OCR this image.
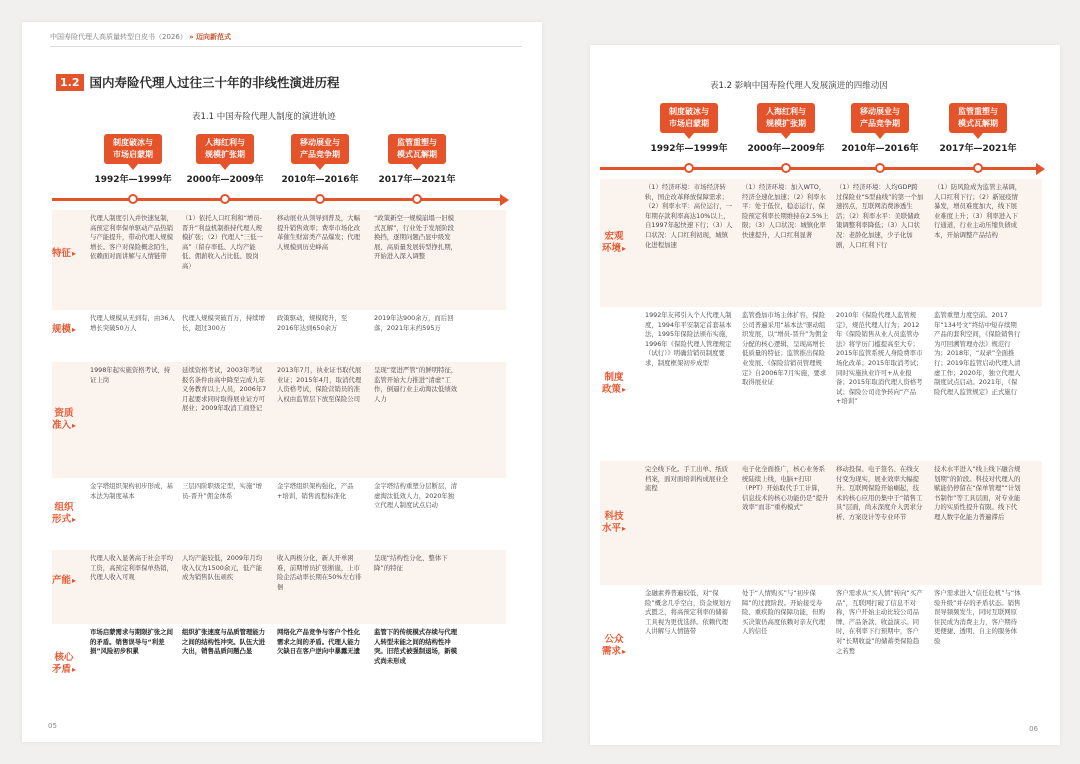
中国寿险代理人高质量转型白皮书（2026） » 迈向新范式
1.2 国内寿险代理人过往三十年的非线性演进历程
表1.1 中国寿险代理人制度的演进轨迹
制度破冰与
市场启蒙期
1992年—1999年
人海红利与
规模扩张期
2000年—2009年
移动展业与
产品竞争期
2010年—2016年
监管重塑与
模式瓦解期
2017年—2021年
特征 ▸
代理人制度引入并快速复制，高预定利率保单驱动产品热销与产能提升，带动代理人规模增长。客户对保险概念陌生，依赖面对面讲解与人情链带
（1）依托人口红利和“增员-晋升”利益机制推持代理人规模扩张；（2）代理人“三低一高”（留存率低、人均产能低、佣薪收入占比低、脱岗高）
移动展业从领导到普及，大幅提升销售效率；费率市场化改革催生财富类产品爆发；代理人规模到历史峰高
“政策新空一规模崩塌一旧模式瓦解”，行业处于发展阶段换挡，逐期问题凸显中级发展、高质量发展转型挣扎期，开始进入深入调整
规模 ▸
代理人规模从无到有，由36人增长突破50万人
代理人规模突破百万，持续增长，超过300万
政策驱动，规模爬升，至2016年达到650余万
2019年达900余万，而后回落，2021年末约595万
资质
准入 ▸
1998年起实施资格考试，持证上岗
延续资格考试，2003年考试报名条件由高中降至完成九年义务教育以上人员，2006年7月起要求同时取得展业证方可展业；2009年取消工商登记
2013年7月，执业证书取代展业证；2015年4月，取消代理人资格考试，保险营销员的准入权由监管层下放至保险公司
呈现“宽进严管”的鲜明特征，监管开始大力推进“清虚”工作，倒逼行业主动淘汰低绩效人力
组织
形式 ▸
金字塔组织架构初步形成，基本法为制度基本
三层四阶职级定型，实施“增员-晋升”佣金体系
金字塔组织架构强化，产品+培训，销售流程标准化
金字塔结构重塑分层断层，清虚淘汰低效人力，2020年独立代理人制度试点启动
产能 ▸
代理人收入显著高于社会平均工资，高预定利率保单热销，代理人收入可观
人均产能较低，2009年月均收入仅为1500余元，低产能成为销售队伍顽疾
收入两极分化，新人开单困难，前期增员扩张断崖，上市险企活动率长期在50%左右徘徊
呈现“结构性分化、整体下降”的特征
核心
矛盾 ▸
市场启蒙需求与期限扩张之间的矛盾。销售误导与“利差损”风险初步积累
组织扩张速度与品质管理能力之间的结构性冲突。队伍大进大出，销售品质问题凸显
网络化产品竞争与客户个性化需求之间的矛盾。代理人能力欠缺日在客户逆向中暴露无遗
监管下的传统模式存续与代理人转型未能之间的结构性冲突。旧范式被强制退场，新模式尚未形成
05
表1.2 影响中国寿险代理人发展演进的四维动因
制度破冰与
市场启蒙期
1992年—1999年
人海红利与
规模扩张期
2000年—2009年
移动展业与
产品竞争期
2010年—2016年
监管重塑与
模式瓦解期
2017年—2021年
宏观
环境 ▸
（1）经济环境：市场经济转轨，国企改革释放保障需求；（2）利率水平：高位运行，一年期存款利率高达10%以上，自1997年起快速下行；（3）人口状况：人口红利初现，城镇化进程加速
（1）经济环境：加入WTO，经济全速化加速；（2）利率水平：处于低位，稳态运行，保险预定利率长期维持在2.5%上限；（3）人口状况：城镇化率快速提升，人口红利显著
（1）经济环境：人均GDP跨过保险业“S型曲线”的第一个加速拐点，互联网消费渗透生活；（2）利率水平：美联储政策调整利率降低；（3）人口状况：老龄化加速，少子化加剧，人口红利下行
（1）防风险成为监管主基调，人口红利下行；（2）新冠疫情暴发，增员难度加大，线下展业难度上升；（3）利率进入下行通道，行业主动压缩负债成本，开始调整产品结构
制度
政策 ▸
1992年友邦引入个人代理人制度，1994年平安制定首套基本法，1995年保险法颁布实施，1996年《保险代理人管理规定（试行）》明确营销员制度要求，制度框架初步成型
监管叠加市场主体扩容，保险公司普遍采用“基本法”驱动组织发展，以“增员-晋升”为佣金分配的核心逻辑，呈现高增长低质量的特征；监管推出保险业发展、《保险营销员管理规定》自2006年7月实施，要求取得展业证
2010年《保险代理人监管规定》，规范代理人行为；2012年《保险销售从业人员监管办法》将学历门槛提高至大专；2015年监管系统人身险费率市场化改革；2015年取消考试；同时实施执业许可+从业报备；2015年取消代理人资格考试；保险公司竞争转向“产品+培训”
监管重塑力度空前。2017年“134号文”终结中短存续期产品的套利空间，《保险销售行为可回溯管理办法》规范行为；2018年，“双录”全面推行；2019年监管启动代理人清虚工作；2020年，独立代理人制度试点启动。2021年，《保险代理人监管规定》正式施行
科技
水平 ▸
完全线下化。手工出单、纸质档案，面对面培训构成展业全流程
电子化全面推广，核心业务系统陆续上线，电脑+打印（PPT）开始取代手工计算，信息技术的核心功能仍是“提升效率”而非“重构模式”
移动投保、电子签名、在线支付变为现实，展业效率大幅提升。互联网保险开始崛起，技术的核心应用仍集中于“销售工具”层面，尚未深度介入需求分析、方案设计等专业环节
技术水平进入“线上线下融合规划期”的阶段。科技对代理人的赋能仍停留在“保单管理”“计划书制作”等工具层面，对专业能力的实质性提升有限。线下代理人数字化能力普遍滞后
公众
需求 ▸
金融素养普遍较低，对“保险”概念几乎空白，资金规划方式匮乏，将高预定利率的储蓄工具视为更优选择。依赖代理人讲解与人情链带
处于“人情购买”与“初步保障”的过渡阶段。开始接受寿险、重疾险的保障功能，但购买决策仍高度依赖对亲友代理人的信任
客户需求从“买人情”转向“买产品”，互联网打破了信息不对称，客户开始主动比较公司品牌、产品条款、收益演示。同时，在利率下行预期中，客户对“长期收益”的储蓄类保险趋之若鹜
客户需求进入“信任危机”与“体验升级”并存的矛盾状态。销售误导频频发生，同时互联网原住民成为消费主力，客户期待更便捷、透明、自主的服务体验
06
